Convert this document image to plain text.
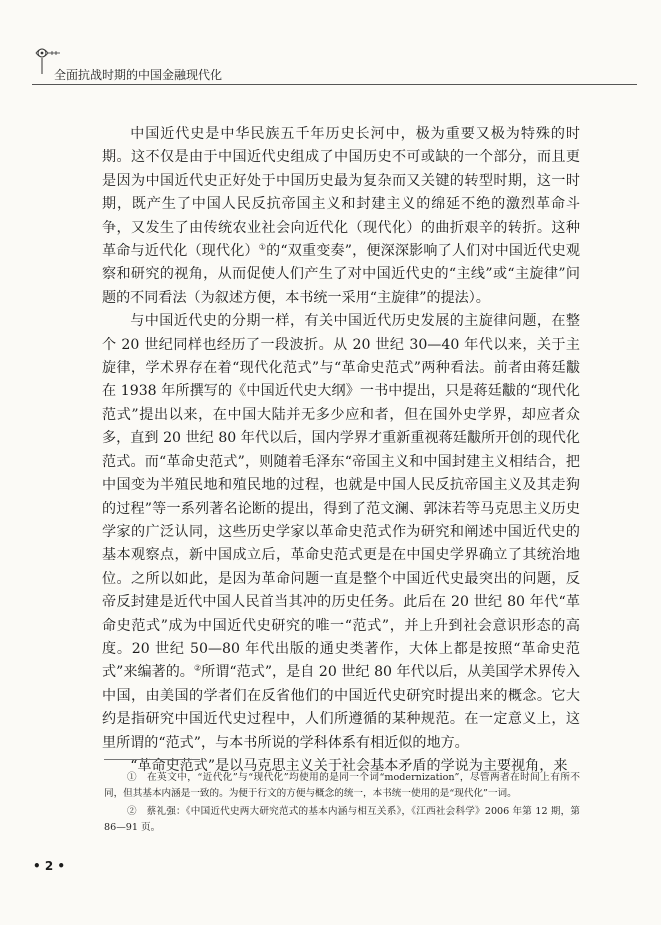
全面抗战时期的中国金融现代化

中国近代史是中华民族五千年历史长河中，极为重要又极为特殊的时期。这不仅是由于中国近代史组成了中国历史不可或缺的一个部分，而且更是因为中国近代史正好处于中国历史最为复杂而又关键的转型时期，这一时期，既产生了中国人民反抗帝国主义和封建主义的绵延不绝的激烈革命斗争，又发生了由传统农业社会向近代化（现代化）的曲折艰辛的转折。这种革命与近代化（现代化）①的“双重变奏”，便深深影响了人们对中国近代史观察和研究的视角，从而促使人们产生了对中国近代史的“主线”或“主旋律”问题的不同看法（为叙述方便，本书统一采用“主旋律”的提法）。

与中国近代史的分期一样，有关中国近代历史发展的主旋律问题，在整个 20 世纪同样也经历了一段波折。从 20 世纪 30—40 年代以来，关于主旋律，学术界存在着“现代化范式”与“革命史范式”两种看法。前者由蒋廷黻在 1938 年所撰写的《中国近代史大纲》一书中提出，只是蒋廷黻的“现代化范式”提出以来，在中国大陆并无多少应和者，但在国外史学界，却应者众多，直到 20 世纪 80 年代以后，国内学界才重新重视蒋廷黻所开创的现代化范式。而“革命史范式”，则随着毛泽东“帝国主义和中国封建主义相结合，把中国变为半殖民地和殖民地的过程，也就是中国人民反抗帝国主义及其走狗的过程”等一系列著名论断的提出，得到了范文澜、郭沫若等马克思主义历史学家的广泛认同，这些历史学家以革命史范式作为研究和阐述中国近代史的基本观察点，新中国成立后，革命史范式更是在中国史学界确立了其统治地位。之所以如此，是因为革命问题一直是整个中国近代史最突出的问题，反帝反封建是近代中国人民首当其冲的历史任务。此后在 20 世纪 80 年代“革命史范式”成为中国近代史研究的唯一“范式”，并上升到社会意识形态的高度。20 世纪 50—80 年代出版的通史类著作，大体上都是按照“革命史范式”来编著的。②所谓“范式”，是自 20 世纪 80 年代以后，从美国学术界传入中国，由美国的学者们在反省他们的中国近代史研究时提出来的概念。它大约是指研究中国近代史过程中，人们所遵循的某种规范。在一定意义上，这里所谓的“范式”，与本书所说的学科体系有相近似的地方。

“革命史范式”是以马克思主义关于社会基本矛盾的学说为主要视角，来

①　在英文中，“近代化”与“现代化”均使用的是同一个词“modernization”，尽管两者在时间上有所不同，但其基本内涵是一致的。为便于行文的方便与概念的统一，本书统一使用的是“现代化”一词。

②　蔡礼强：《中国近代史两大研究范式的基本内涵与相互关系》，《江西社会科学》2006 年第 12 期，第 86—91 页。

• 2 •
